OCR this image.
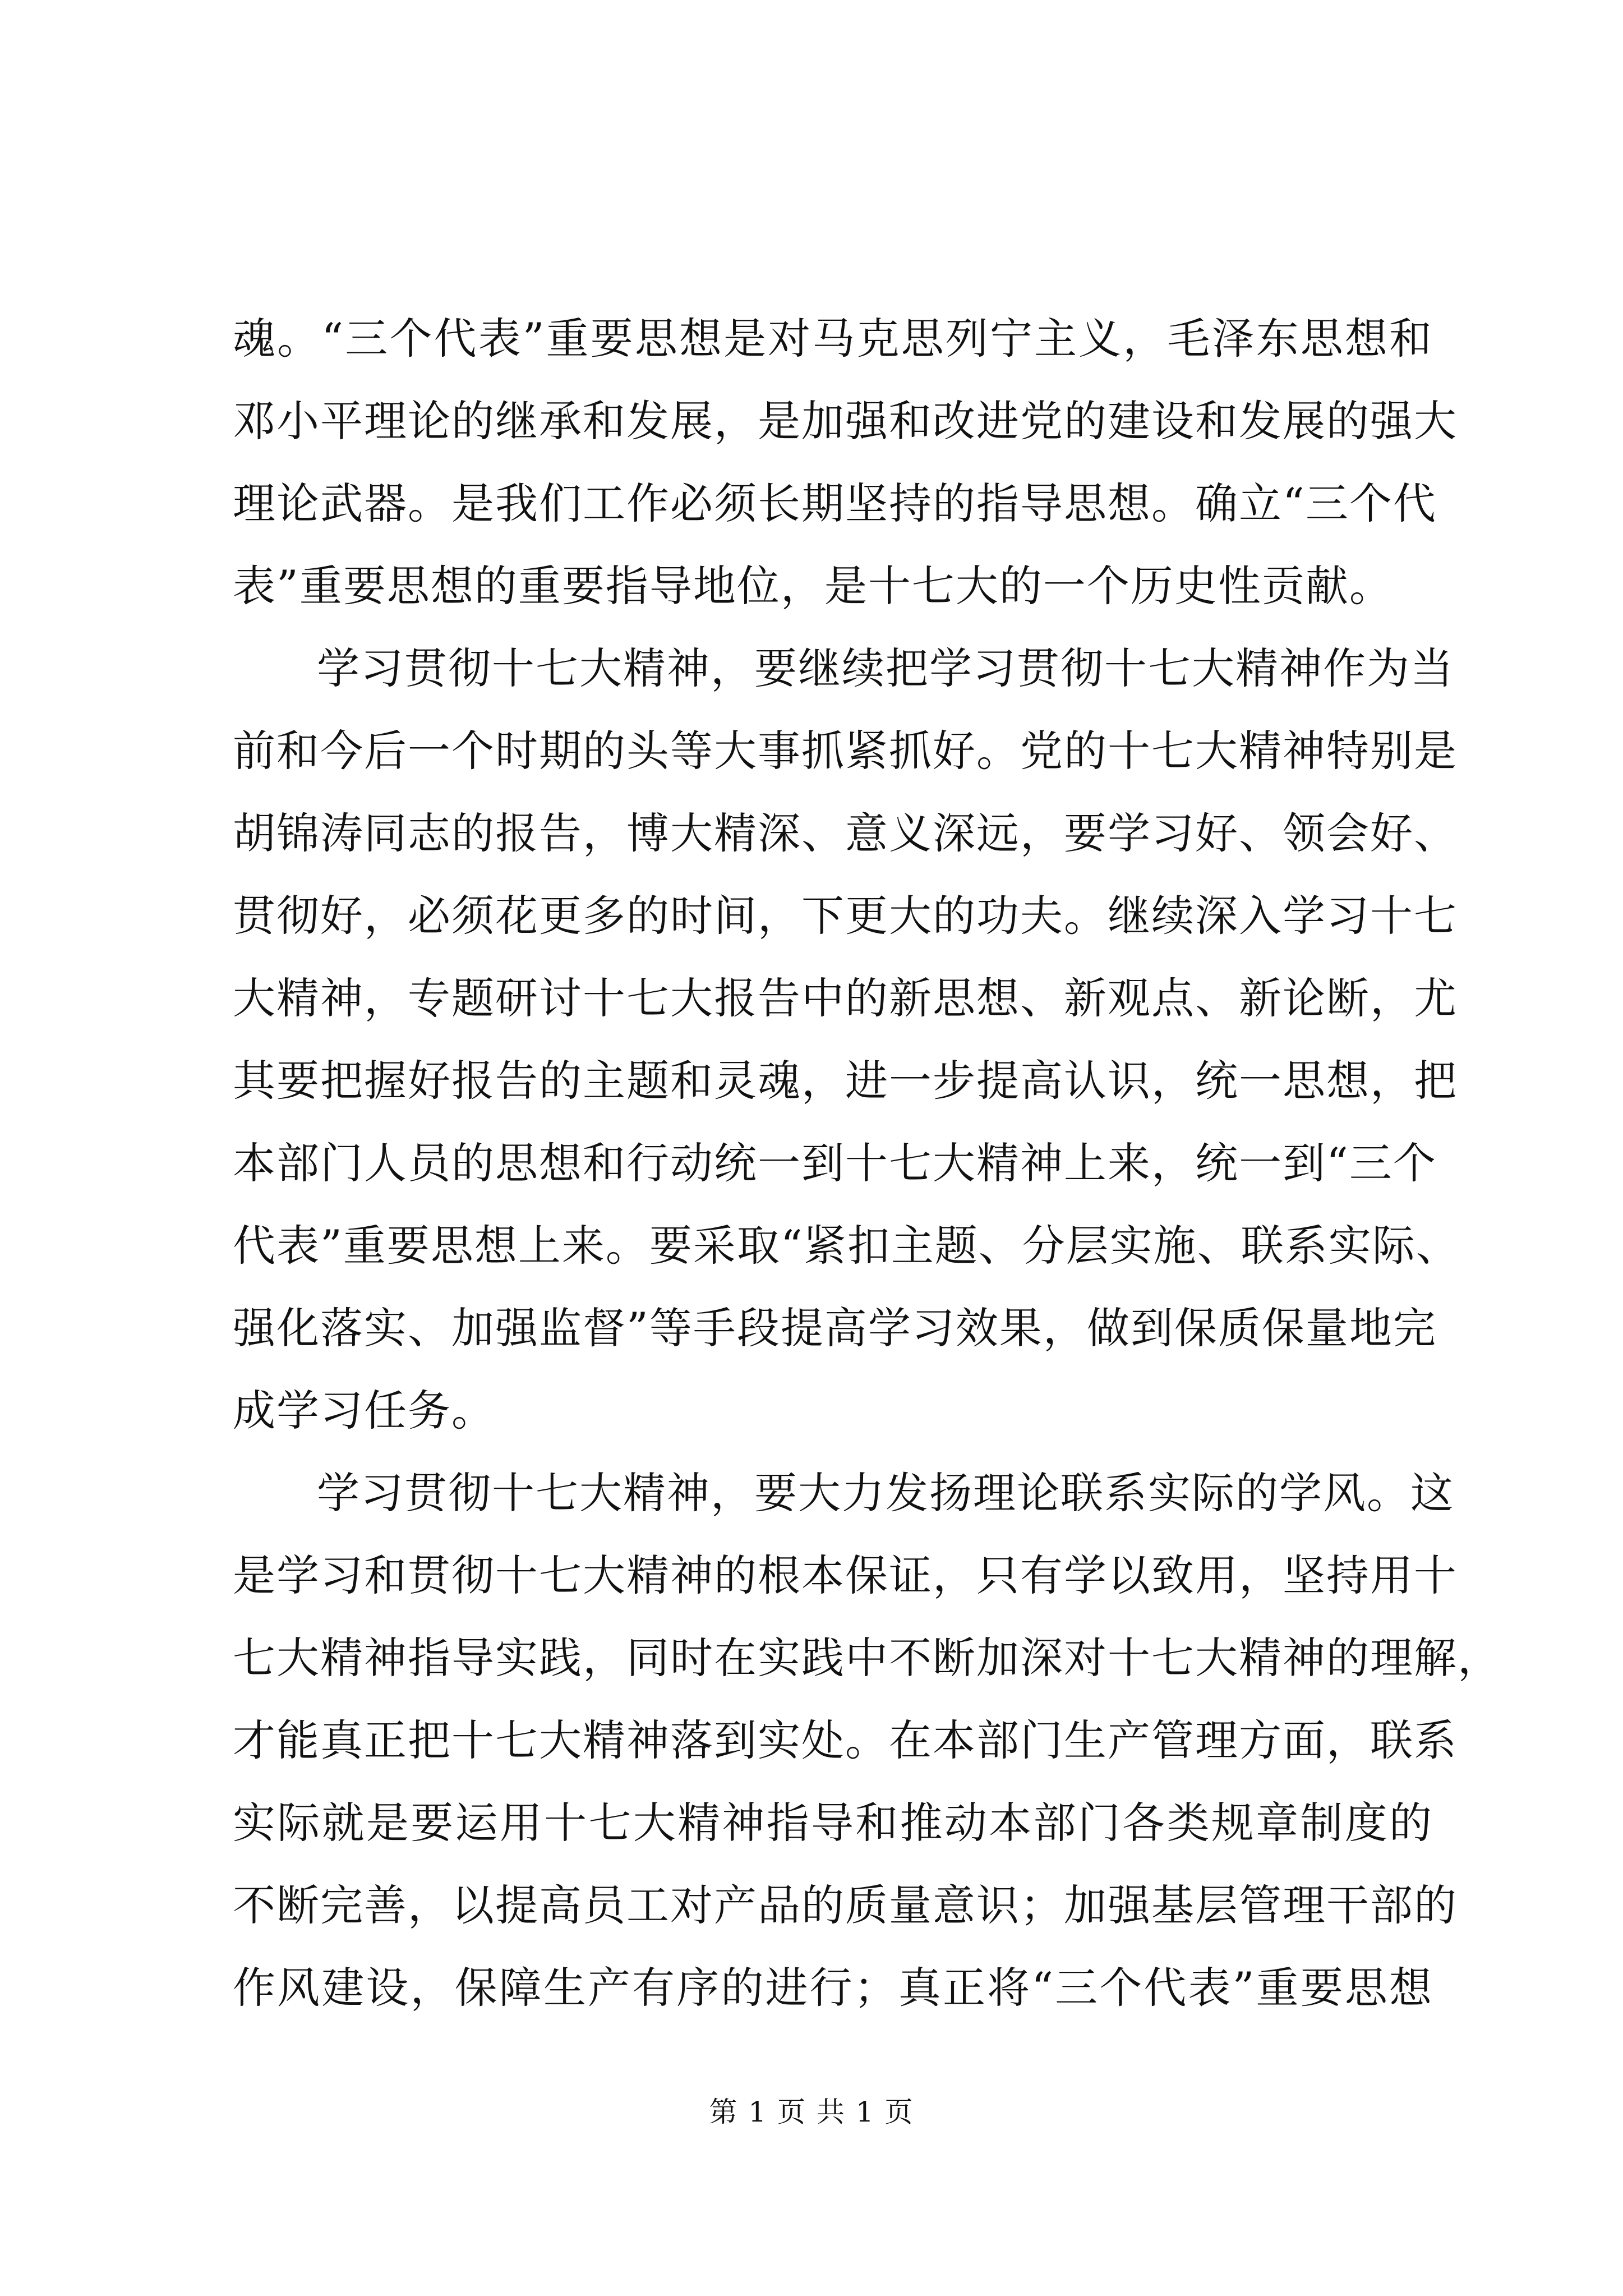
魂。“三个代表”重要思想是对马克思列宁主义，毛泽东思想和
邓小平理论的继承和发展，是加强和改进党的建设和发展的强大
理论武器。是我们工作必须长期坚持的指导思想。确立“三个代
表”重要思想的重要指导地位，是十七大的一个历史性贡献。
学习贯彻十七大精神，要继续把学习贯彻十七大精神作为当
前和今后一个时期的头等大事抓紧抓好。党的十七大精神特别是
胡锦涛同志的报告，博大精深、意义深远，要学习好、领会好、
贯彻好，必须花更多的时间，下更大的功夫。继续深入学习十七
大精神，专题研讨十七大报告中的新思想、新观点、新论断，尤
其要把握好报告的主题和灵魂，进一步提高认识，统一思想，把
本部门人员的思想和行动统一到十七大精神上来，统一到“三个
代表”重要思想上来。要采取“紧扣主题、分层实施、联系实际、
强化落实、加强监督”等手段提高学习效果，做到保质保量地完
成学习任务。
学习贯彻十七大精神，要大力发扬理论联系实际的学风。这
是学习和贯彻十七大精神的根本保证，只有学以致用，坚持用十
七大精神指导实践，同时在实践中不断加深对十七大精神的理解，
才能真正把十七大精神落到实处。在本部门生产管理方面，联系
实际就是要运用十七大精神指导和推动本部门各类规章制度的
不断完善，以提高员工对产品的质量意识；加强基层管理干部的
作风建设，保障生产有序的进行；真正将“三个代表”重要思想
第 1 页 共 1 页
